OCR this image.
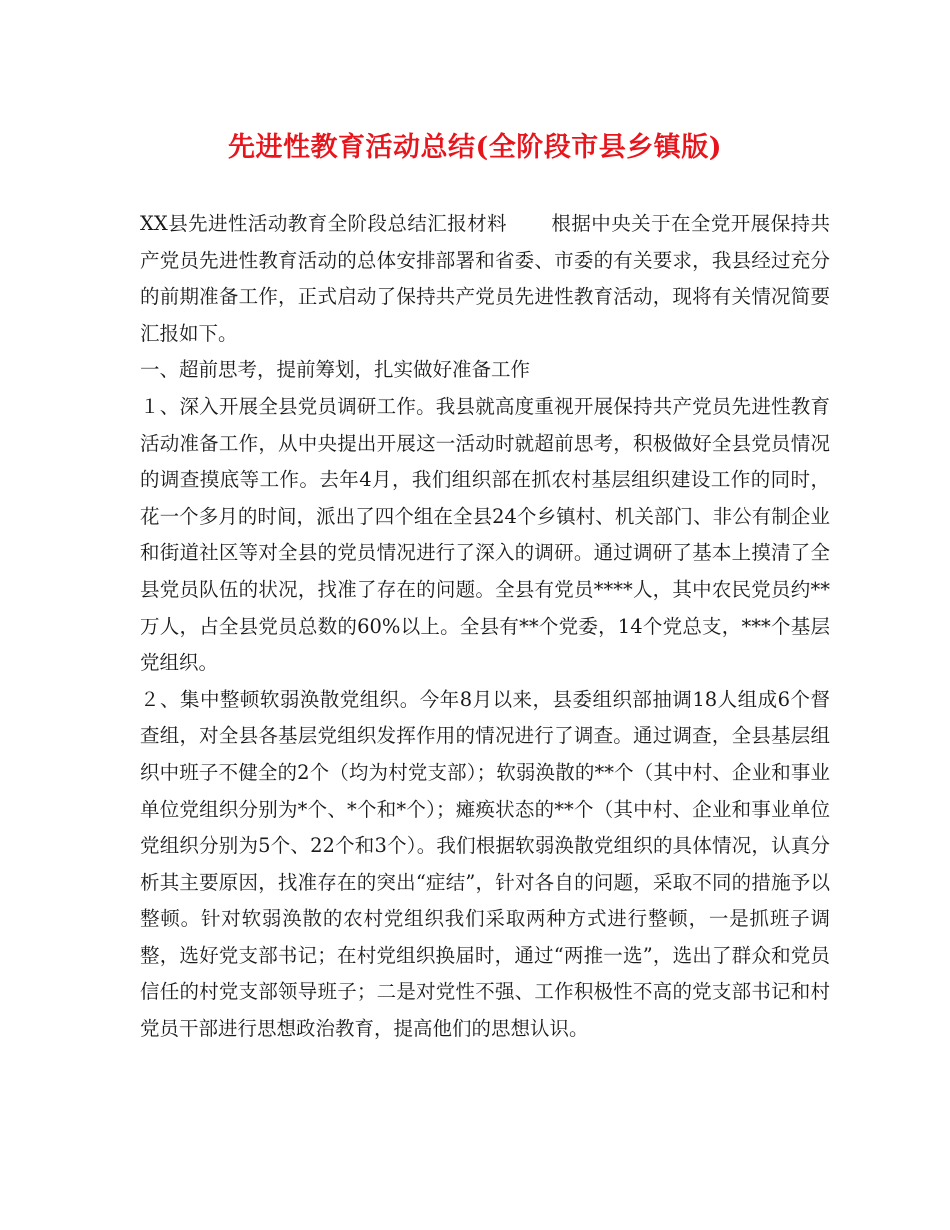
先进性教育活动总结(全阶段市县乡镇版)

XX县先进性活动教育全阶段总结汇报材料 根据中央关于在全党开展保持共产党员先进性教育活动的总体安排部署和省委、市委的有关要求，我县经过充分的前期准备工作，正式启动了保持共产党员先进性教育活动，现将有关情况简要汇报如下。

一、超前思考，提前筹划，扎实做好准备工作

１、深入开展全县党员调研工作。我县就高度重视开展保持共产党员先进性教育活动准备工作，从中央提出开展这一活动时就超前思考，积极做好全县党员情况的调查摸底等工作。去年4月，我们组织部在抓农村基层组织建设工作的同时，花一个多月的时间，派出了四个组在全县24个乡镇村、机关部门、非公有制企业和街道社区等对全县的党员情况进行了深入的调研。通过调研了基本上摸清了全县党员队伍的状况，找准了存在的问题。全县有党员****人，其中农民党员约**万人，占全县党员总数的60%以上。全县有**个党委，14个党总支，***个基层党组织。

２、集中整顿软弱涣散党组织。今年8月以来，县委组织部抽调18人组成6个督查组，对全县各基层党组织发挥作用的情况进行了调查。通过调查，全县基层组织中班子不健全的2个（均为村党支部）；软弱涣散的**个（其中村、企业和事业单位党组织分别为*个、*个和*个）；瘫痪状态的**个（其中村、企业和事业单位党组织分别为5个、22个和3个）。我们根据软弱涣散党组织的具体情况，认真分析其主要原因，找准存在的突出“症结”，针对各自的问题，采取不同的措施予以整顿。针对软弱涣散的农村党组织我们采取两种方式进行整顿，一是抓班子调整，选好党支部书记；在村党组织换届时，通过“两推一选”，选出了群众和党员信任的村党支部领导班子；二是对党性不强、工作积极性不高的党支部书记和村党员干部进行思想政治教育，提高他们的思想认识。
